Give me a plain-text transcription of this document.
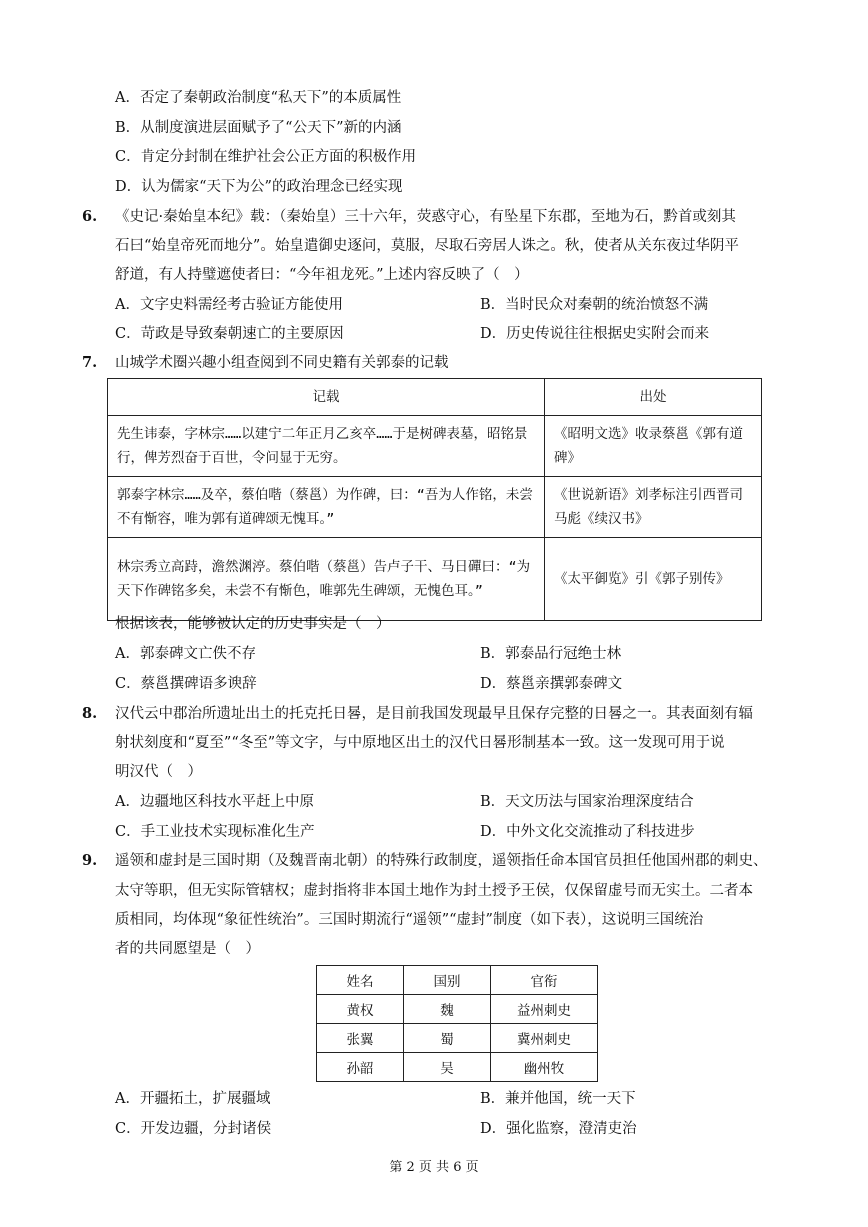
A．否定了秦朝政治制度“私天下”的本质属性
B．从制度演进层面赋予了“公天下”新的内涵
C．肯定分封制在维护社会公正方面的积极作用
D．认为儒家“天下为公”的政治理念已经实现
6. 《史记·秦始皇本纪》载：（秦始皇）三十六年，荧惑守心，有坠星下东郡，至地为石，黔首或刻其
石曰“始皇帝死而地分”。始皇遣御史逐问，莫服，尽取石旁居人诛之。秋，使者从关东夜过华阴平
舒道，有人持璧遮使者曰：“今年祖龙死。”上述内容反映了（　）
A．文字史料需经考古验证方能使用	B．当时民众对秦朝的统治愤怒不满
C．苛政是导致秦朝速亡的主要原因	D．历史传说往往根据史实附会而来
7. 山城学术圈兴趣小组查阅到不同史籍有关郭泰的记载
记载	出处
先生讳泰，字林宗……以建宁二年正月乙亥卒……于是树碑表墓，昭铭景行，俾芳烈奋于百世，令问显于无穷。	《昭明文选》收录蔡邕《郭有道碑》
郭泰字林宗……及卒，蔡伯喈（蔡邕）为作碑，曰：“吾为人作铭，未尝不有惭容，唯为郭有道碑颂无愧耳。”	《世说新语》刘孝标注引西晋司马彪《续汉书》
林宗秀立高跱，澹然渊渟。蔡伯喈（蔡邕）告卢子干、马日磾曰：“为天下作碑铭多矣，未尝不有惭色，唯郭先生碑颂，无愧色耳。”	《太平御览》引《郭子别传》
根据该表，能够被认定的历史事实是（　）
A．郭泰碑文亡佚不存	B．郭泰品行冠绝士林
C．蔡邕撰碑语多谀辞	D．蔡邕亲撰郭泰碑文
8. 汉代云中郡治所遗址出土的托克托日晷，是目前我国发现最早且保存完整的日晷之一。其表面刻有辐
射状刻度和“夏至”“冬至”等文字，与中原地区出土的汉代日晷形制基本一致。这一发现可用于说
明汉代（　）
A．边疆地区科技水平赶上中原	B．天文历法与国家治理深度结合
C．手工业技术实现标准化生产	D．中外文化交流推动了科技进步
9. 遥领和虚封是三国时期（及魏晋南北朝）的特殊行政制度，遥领指任命本国官员担任他国州郡的刺史、
太守等职，但无实际管辖权；虚封指将非本国土地作为封土授予王侯，仅保留虚号而无实土。二者本
质相同，均体现“象征性统治”。三国时期流行“遥领”“虚封”制度（如下表），这说明三国统治
者的共同愿望是（　）
姓名	国别	官衔
黄权	魏	益州刺史
张翼	蜀	冀州刺史
孙韶	吴	幽州牧
A．开疆拓土，扩展疆域	B．兼并他国，统一天下
C．开发边疆，分封诸侯	D．强化监察，澄清吏治
第 2 页 共 6 页
